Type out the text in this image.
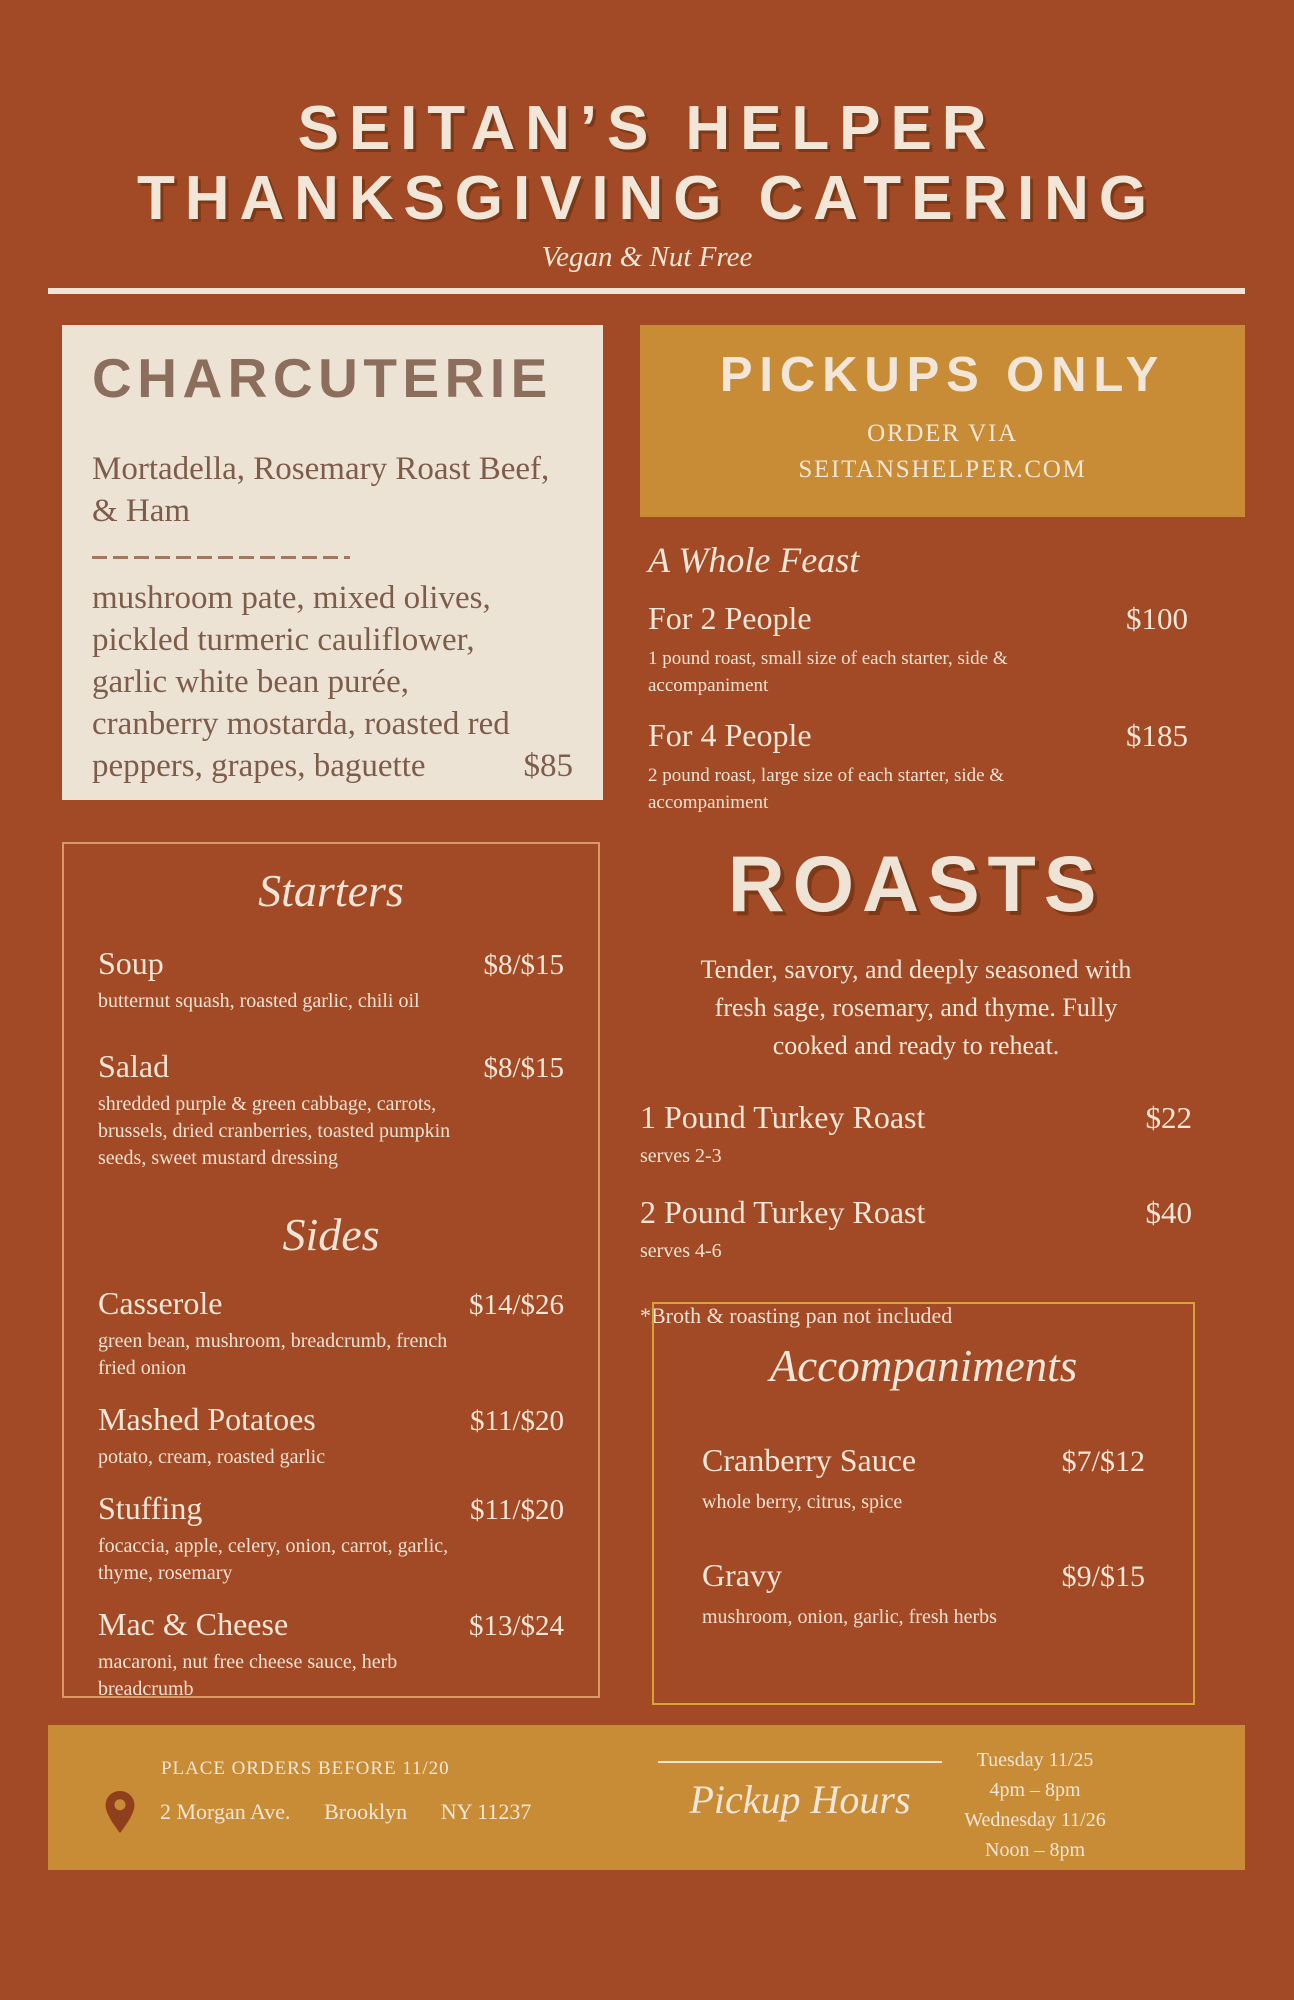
SEITAN’S HELPER
THANKSGIVING CATERING
Vegan & Nut Free
CHARCUTERIE
Mortadella, Rosemary Roast Beef, & Ham
mushroom pate, mixed olives, pickled turmeric cauliflower, garlic white bean purée, cranberry mostarda, roasted red peppers, grapes, baguette	$85
PICKUPS ONLY
ORDER VIA
SEITANSHELPER.COM
A Whole Feast
For 2 People	$100
1 pound roast, small size of each starter, side & accompaniment
For 4 People	$185
2 pound roast, large size of each starter, side & accompaniment
Starters
Soup	$8/$15
butternut squash, roasted garlic, chili oil
Salad	$8/$15
shredded purple & green cabbage, carrots, brussels, dried cranberries, toasted pumpkin seeds, sweet mustard dressing
Sides
Casserole	$14/$26
green bean, mushroom, breadcrumb, french fried onion
Mashed Potatoes	$11/$20
potato, cream, roasted garlic
Stuffing	$11/$20
focaccia, apple, celery, onion, carrot, garlic, thyme, rosemary
Mac & Cheese	$13/$24
macaroni, nut free cheese sauce, herb breadcrumb
ROASTS
Tender, savory, and deeply seasoned with fresh sage, rosemary, and thyme. Fully cooked and ready to reheat.
1 Pound Turkey Roast	$22
serves 2-3
2 Pound Turkey Roast	$40
serves 4-6
*Broth & roasting pan not included
Accompaniments
Cranberry Sauce	$7/$12
whole berry, citrus, spice
Gravy	$9/$15
mushroom, onion, garlic, fresh herbs
PLACE ORDERS BEFORE 11/20
2 Morgan Ave. Brooklyn NY 11237	Pickup Hours
Tuesday 11/25
4pm – 8pm
Wednesday 11/26
Noon – 8pm
